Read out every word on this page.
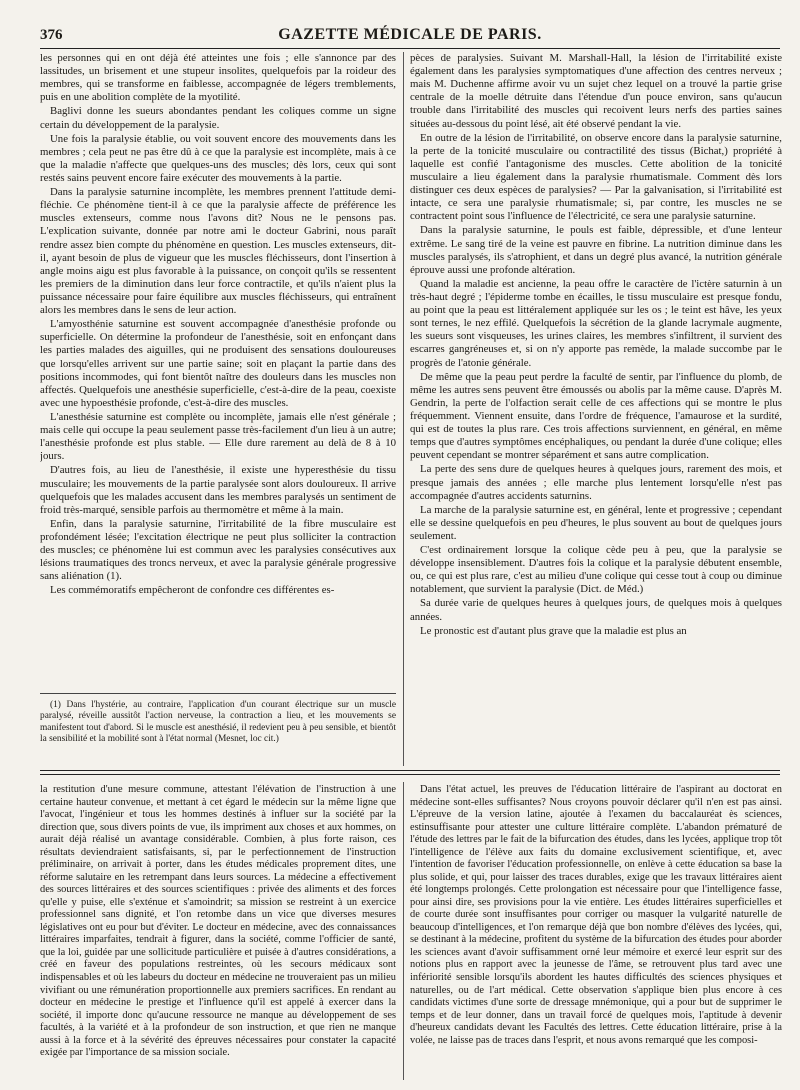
376	GAZETTE MÉDICALE DE PARIS.

les personnes qui en ont déjà été atteintes une fois ; elle s'annonce par des lassitudes, un brisement et une stupeur insolites, quelquefois par la roideur des membres, qui se transforme en faiblesse, accompagnée de légers tremblements, puis en une abolition complète de la myotilité.

Baglivi donne les sueurs abondantes pendant les coliques comme un signe certain du développement de la paralysie.

Une fois la paralysie établie, ou voit souvent encore des mouvements dans les membres ; cela peut ne pas être dû à ce que la paralysie est incomplète, mais à ce que la maladie n'affecte que quelques-uns des muscles; dès lors, ceux qui sont restés sains peuvent encore faire exécuter des mouvements à la partie.

Dans la paralysie saturnine incomplète, les membres prennent l'attitude demi-fléchie. Ce phénomène tient-il à ce que la paralysie affecte de préférence les muscles extenseurs, comme nous l'avons dit? Nous ne le pensons pas. L'explication suivante, donnée par notre ami le docteur Gabrini, nous paraît rendre assez bien compte du phénomène en question. Les muscles extenseurs, dit-il, ayant besoin de plus de vigueur que les muscles fléchisseurs, dont l'insertion à angle moins aigu est plus favorable à la puissance, on conçoit qu'ils se ressentent les premiers de la diminution dans leur force contractile, et qu'ils n'aient plus la puissance nécessaire pour faire équilibre aux muscles fléchisseurs, qui entraînent alors les membres dans le sens de leur action.

L'amyosthénie saturnine est souvent accompagnée d'anesthésie profonde ou superficielle. On détermine la profondeur de l'anesthésie, soit en enfonçant dans les parties malades des aiguilles, qui ne produisent des sensations douloureuses que lorsqu'elles arrivent sur une partie saine; soit en plaçant la partie dans des positions incommodes, qui font bientôt naître des douleurs dans les muscles non affectés. Quelquefois une anesthésie superficielle, c'est-à-dire de la peau, coexiste avec une hypoesthésie profonde, c'est-à-dire des muscles.

L'anesthésie saturnine est complète ou incomplète, jamais elle n'est générale ; mais celle qui occupe la peau seulement passe très-facilement d'un lieu à un autre; l'anesthésie profonde est plus stable. — Elle dure rarement au delà de 8 à 10 jours.

D'autres fois, au lieu de l'anesthésie, il existe une hyperesthésie du tissu musculaire; les mouvements de la partie paralysée sont alors douloureux. Il arrive quelquefois que les malades accusent dans les membres paralysés un sentiment de froid très-marqué, sensible parfois au thermomètre et même à la main.

Enfin, dans la paralysie saturnine, l'irritabilité de la fibre musculaire est profondément lésée; l'excitation électrique ne peut plus solliciter la contraction des muscles; ce phénomène lui est commun avec les paralysies consécutives aux lésions traumatiques des troncs nerveux, et avec la paralysie générale progressive sans aliénation (1).

Les commémoratifs empêcheront de confondre ces différentes es-

(1) Dans l'hystérie, au contraire, l'application d'un courant électrique sur un muscle paralysé, réveille aussitôt l'action nerveuse, la contraction a lieu, et les mouvements se manifestent tout d'abord. Si le muscle est anesthésié, il redevient peu à peu sensible, et bientôt la sensibilité et la mobilité sont à l'état normal (Mesnet, loc cit.)

pèces de paralysies. Suivant M. Marshall-Hall, la lésion de l'irritabilité existe également dans les paralysies symptomatiques d'une affection des centres nerveux ; mais M. Duchenne affirme avoir vu un sujet chez lequel on a trouvé la partie grise centrale de la moelle détruite dans l'étendue d'un pouce environ, sans qu'aucun trouble dans l'irritabilité des muscles qui recoivent leurs nerfs des parties saines situées au-dessous du point lésé, ait été observé pendant la vie.

En outre de la lésion de l'irritabilité, on observe encore dans la paralysie saturnine, la perte de la tonicité musculaire ou contractilité des tissus (Bichat,) propriété à laquelle est confié l'antagonisme des muscles. Cette abolition de la tonicité musculaire a lieu également dans la paralysie rhumatismale. Comment dès lors distinguer ces deux espèces de paralysies? — Par la galvanisation, si l'irritabilité est intacte, ce sera une paralysie rhumatismale; si, par contre, les muscles ne se contractent point sous l'influence de l'électricité, ce sera une paralysie saturnine.

Dans la paralysie saturnine, le pouls est faible, dépressible, et d'une lenteur extrême. Le sang tiré de la veine est pauvre en fibrine. La nutrition diminue dans les muscles paralysés, ils s'atrophient, et dans un degré plus avancé, la nutrition générale éprouve aussi une profonde altération.

Quand la maladie est ancienne, la peau offre le caractère de l'ictère saturnin à un très-haut degré ; l'épiderme tombe en écailles, le tissu musculaire est presque fondu, au point que la peau est littéralement appliquée sur les os ; le teint est hâve, les yeux sont ternes, le nez effilé. Quelquefois la sécrétion de la glande lacrymale augmente, les sueurs sont visqueuses, les urines claires, les membres s'infiltrent, il survient des escarres gangréneuses et, si on n'y apporte pas remède, la malade succombe par le progrès de l'atonie générale.

De même que la peau peut perdre la faculté de sentir, par l'influence du plomb, de même les autres sens peuvent être émoussés ou abolis par la même cause. D'après M. Gendrin, la perte de l'olfaction serait celle de ces affections qui se montre le plus fréquemment. Viennent ensuite, dans l'ordre de fréquence, l'amaurose et la surdité, qui est de toutes la plus rare. Ces trois affections surviennent, en général, en même temps que d'autres symptômes encéphaliques, ou pendant la durée d'une colique; elles peuvent cependant se montrer séparément et sans autre complication.

La perte des sens dure de quelques heures à quelques jours, rarement des mois, et presque jamais des années ; elle marche plus lentement lorsqu'elle n'est pas accompagnée d'autres accidents saturnins.

La marche de la paralysie saturnine est, en général, lente et progressive ; cependant elle se dessine quelquefois en peu d'heures, le plus souvent au bout de quelques jours seulement.

C'est ordinairement lorsque la colique cède peu à peu, que la paralysie se développe insensiblement. D'autres fois la colique et la paralysie débutent ensemble, ou, ce qui est plus rare, c'est au milieu d'une colique qui cesse tout à coup ou diminue notablement, que survient la paralysie (Dict. de Méd.)

Sa durée varie de quelques heures à quelques jours, de quelques mois à quelques années.

Le pronostic est d'autant plus grave que la maladie est plus an

la restitution d'une mesure commune, attestant l'élévation de l'instruction à une certaine hauteur convenue, et mettant à cet égard le médecin sur la même ligne que l'avocat, l'ingénieur et tous les hommes destinés à influer sur la société par la direction que, sous divers points de vue, ils impriment aux choses et aux hommes, on aurait déjà réalisé un avantage considérable. Combien, à plus forte raison, ces résultats deviendraient satisfaisants, si, par le perfectionnement de l'instruction préliminaire, on arrivait à porter, dans les études médicales proprement dites, une réforme salutaire en les retrempant dans leurs sources. La médecine a effectivement des sources littéraires et des sources scientifiques : privée des aliments et des forces qu'elle y puise, elle s'exténue et s'amoindrit; sa mission se restreint à un exercice professionnel sans dignité, et l'on retombe dans un vice que diverses mesures législatives ont eu pour but d'éviter. Le docteur en médecine, avec des connaissances littéraires imparfaites, tendrait à figurer, dans la société, comme l'officier de santé, que la loi, guidée par une sollicitude particulière et puisée à d'autres considérations, a créé en faveur des populations restreintes, où les secours médicaux sont indispensables et où les labeurs du docteur en médecine ne trouveraient pas un milieu vivifiant ou une rémunération proportionnelle aux premiers sacrifices. En rendant au docteur en médecine le prestige et l'influence qu'il est appelé à exercer dans la société, il importe donc qu'aucune ressource ne manque au développement de ses facultés, à la variété et à la profondeur de son instruction, et que rien ne manque aussi à la force et à la sévérité des épreuves nécessaires pour constater la capacité exigée par l'importance de sa mission sociale.

Dans l'état actuel, les preuves de l'éducation littéraire de l'aspirant au doctorat en médecine sont-elles suffisantes? Nous croyons pouvoir déclarer qu'il n'en est pas ainsi. L'épreuve de la version latine, ajoutée à l'examen du baccalauréat ès sciences, estinsuffisante pour attester une culture littéraire complète. L'abandon prématuré de l'étude des lettres par le fait de la bifurcation des études, dans les lycées, applique trop tôt l'intelligence de l'élève aux faits du domaine exclusivement scientifique, et, avec l'intention de favoriser l'éducation professionnelle, on enlève à cette éducation sa base la plus solide, et qui, pour laisser des traces durables, exige que les travaux littéraires aient été longtemps prolongés. Cette prolongation est nécessaire pour que l'intelligence fasse, pour ainsi dire, ses provisions pour la vie entière. Les études littéraires superficielles et de courte durée sont insuffisantes pour corriger ou masquer la vulgarité naturelle de beaucoup d'intelligences, et l'on remarque déjà que bon nombre d'élèves des lycées, qui, se destinant à la médecine, profitent du système de la bifurcation des études pour aborder les sciences avant d'avoir suffisamment orné leur mémoire et exercé leur esprit sur des notions plus en rapport avec la jeunesse de l'âme, se retrouvent plus tard avec une infériorité sensible lorsqu'ils abordent les hautes difficultés des sciences physiques et naturelles, ou de l'art médical. Cette observation s'applique bien plus encore à ces candidats victimes d'une sorte de dressage mnémonique, qui a pour but de supprimer le temps et de leur donner, dans un travail forcé de quelques mois, l'aptitude à devenir d'heureux candidats devant les Facultés des lettres. Cette éducation littéraire, prise à la volée, ne laisse pas de traces dans l'esprit, et nous avons remarqué que les composi-
